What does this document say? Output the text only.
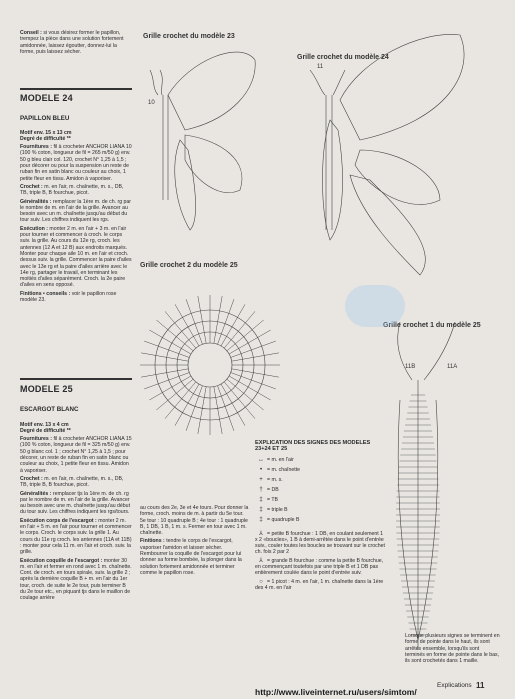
Conseil : si vous désirez former le papillon, trempez la pièce dans une solution fortement amidonnée, laissez égoutter, donnez-lui la forme, puis laissez sécher.

MODELE 24

PAPILLON BLEU

Motif env. 15 x 13 cm

Degré de difficulté **

Fournitures : fil à crocheter ANCHOR LIANA 10 (100 % coton, longueur de fil = 265 m/50 g) env. 50 g bleu clair col. 120, crochet N° 1,25 à 1,5 ; pour décorer ou pour la suspension un reste de ruban fin en satin blanc ou couleur au choix, 1 petite fleur en tissu. Amidon à vaporiser.

Crochet : m. en l'air, m. chaînette, m. s., DB, TB, triple B, B fourchue, picot.

Généralités : remplacer la 1ère m. de ch. rg par le nombre de m. en l'air de la grille. Avancer au besoin avec un m. chaînette jusqu'au début du tour suiv. Les chiffres indiquent les rgs.

Exécution : monter 2 m. en l'air + 3 m. en l'air pour tourner et commencer à croch. le corps suiv. la grille. Au cours du 12e rg, croch. les antennes (12 A et 12 B) aux endroits marqués. Monter pour chaque aile 10 m. en l'air et croch. dessus suiv. la grille. Commencer la paire d'ailes avec le 13e rg et la paire d'ailes arrière avec le 14e rg, partager le travail, en terminant les moitiés d'ailes séparément. Croch. la 2e paire d'ailes en sens opposé.

Finitions • conseils : voir le papillon rose modèle 23.

MODELE 25

ESCARGOT BLANC

Motif env. 13 x 4 cm

Degré de difficulté **

Fournitures : fil à crocheter ANCHOR LIANA 15 (100 % coton, longueur de fil = 325 m/50 g) env. 50 g blanc col. 1 ; crochet N° 1,25 à 1,5 ; pour décorer, un reste de ruban fin en satin blanc ou couleur au choix, 1 petite fleur en tissu. Amidon à vaporiser.

Crochet : m. en l'air, m. chaînette, m. s., DB, TB, triple B, B fourchue, picot.

Généralités : remplacer tjs la 1ère m. de ch. rg par le nombre de m. en l'air de la grille. Avancer au besoin avec une m. chaînette jusqu'au début du tour suiv. Les chiffres indiquent les rgs/tours.

Exécution corps de l'escargot : monter 2 m. en l'air + 5 m. en l'air pour tourner et commencer le corps. Croch. le corps suiv. la grille 1. Au cours du 11e rg croch. les antennes (11A et 11B) : monter pour cela 11 m. en l'air et croch. suiv. la grille.

Exécution coquille de l'escargot : monter 30 m. en l'air et fermer en rond avec 1 m. chaînette. Cont. de croch. en tours spirale, suiv. la grille 2 ; après la dernière coquille B + m. en l'air du 1er tour, croch. de suite le 2e tour, puis terminer B du 2e tour etc., en piquant tjs dans le maillon de coulage arrière

au cours des 2e, 3e et 4e tours. Pour donner la forme, croch. moins de m. à partir du 5e tour. 5e tour : 10 quadruple B ; 4e tour : 1 quadruple B, 1 DB, 1 B, 1 m. s. Fermer en tour avec 1 m. chaînette.

Finitions : tendre le corps de l'escargot, vaporiser l'amidon et laisser sécher. Rembourrer la coquille de l'escargot pour lui donner sa forme bombée, la plonger dans la solution fortement amidonnée et terminer comme le papillon rose.

Grille crochet du modèle 23
Grille crochet du modèle 24
Grille crochet 2 du modèle 25
Grille crochet 1 du modèle 25
10
11
11B	11A

EXPLICATION DES SIGNES DES MODELES 23+24 ET 25

↔ = m. en l'air
• = m. chaînette
+ = m. s.
† = DB
‡ = TB
‡ = triple B
‡ = quadruple B

⅄ = petite B fourchue : 1 DB, en coulant seulement 1 x 2 «boucles», 1 B à demi-arrêtée dans le point d'entrée suiv., couler toutes les boucles se trouvant sur le crochet ch. fois 2 par 2

⅄ = grande B fourchue : comme la petite B fourchue, en commençant toutefois par une triple B et 1 DB pas entièrement coulée dans le point d'entrée suiv.

○ = 1 picot : 4 m. en l'air, 1 m. chaînette dans la 1ère des 4 m. en l'air

Lorsque plusieurs signes se terminent en forme de pointe dans le haut, ils sont arrêtés ensemble, lorsqu'ils sont terminés en forme de pointe dans le bas, ils sont crochetés dans 1 maille.
Explications 11
http://www.liveinternet.ru/users/simtom/
